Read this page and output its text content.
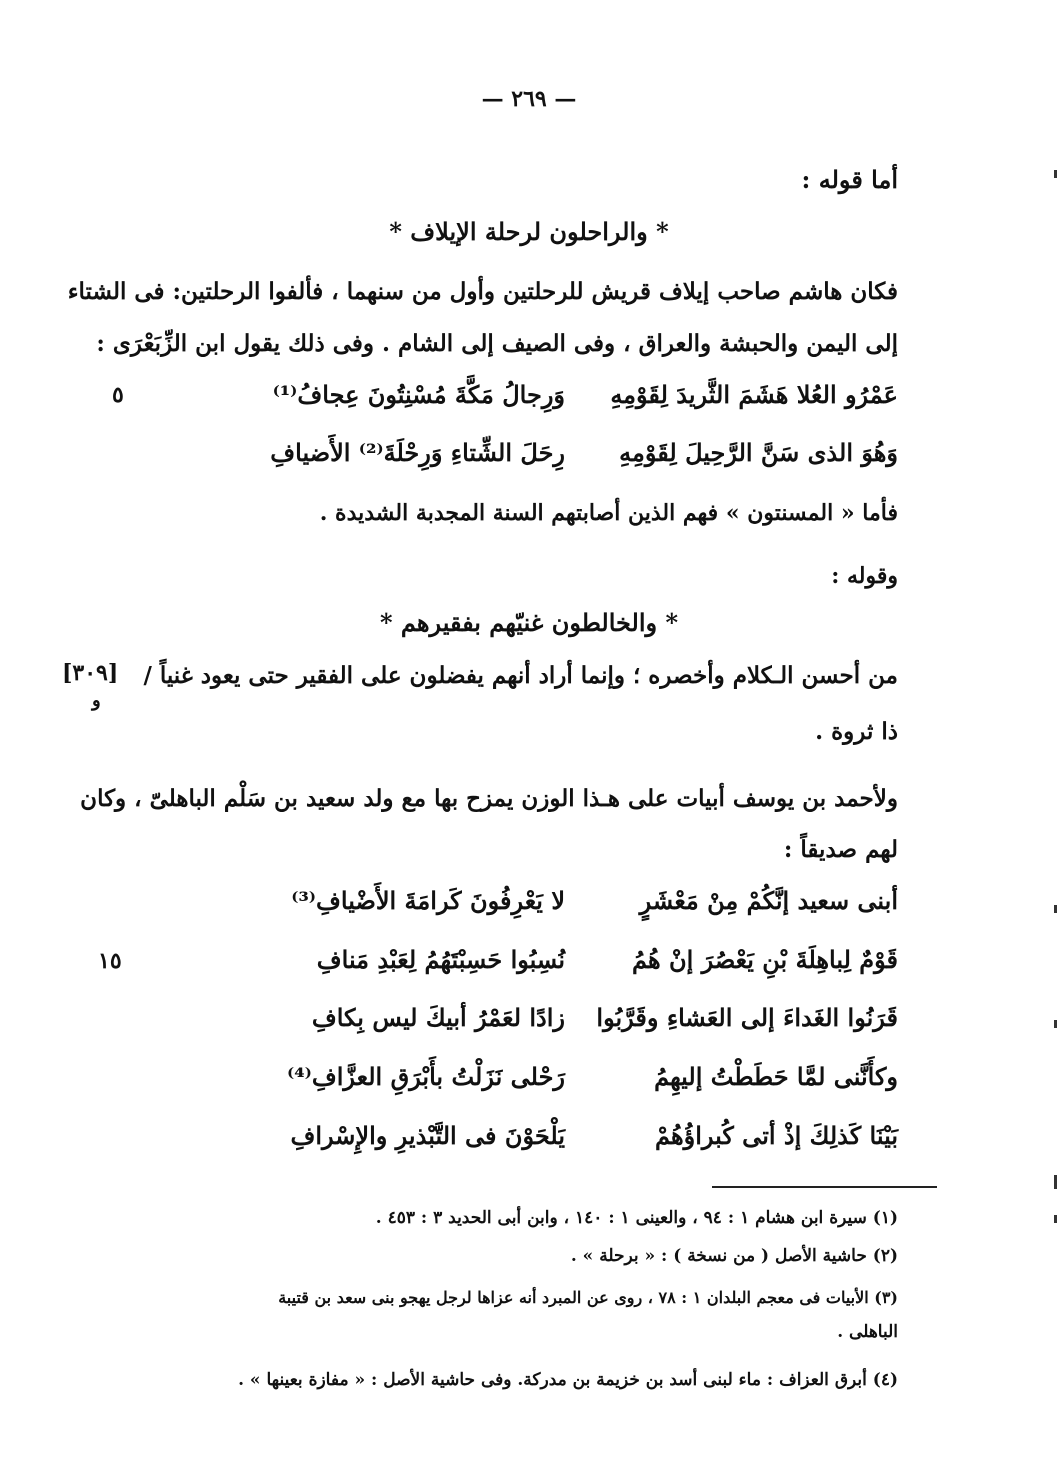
— ٢٦٩ —
أما قوله :
* والراحلون لرحلة الإيلاف *
فكان هاشم صاحب إيلاف قريش للرحلتين وأول من سنهما ، فألفوا الرحلتين: فى الشتاء
إلى اليمن والحبشة والعراق ، وفى الصيف إلى الشام . وفى ذلك يقول ابن الزِّبَعْرَى :
عَمْرُو العُلا هَشَمَ الثَّريدَ لِقَوْمِهِ
وَرِجالُ مَكَّةَ مُسْنِتُونَ عِجافُ⁽¹⁾
٥
وَهُوَ الذى سَنَّ الرَّحِيلَ لِقَوْمِهِ
رِحَلَ الشِّتاءِ وَرِحْلَةَ⁽²⁾ الأَضيافِ
فأما « المسنتون » فهم الذين أصابتهم السنة المجدبة الشديدة .
وقوله :
* والخالطون غنيّهم بفقيرهم *
من أحسن الـكلام وأخصره ؛ وإنما أراد أنهم يفضلون على الفقير حتى يعود غنياً /
[٣٠٩]
و
ذا ثروة .
ولأحمد بن يوسف أبيات على هـذا الوزن يمزح بها مع ولد سعيد بن سَلْم الباهلىّ ، وكان
لهم صديقاً :
أبنى سعيد إنَّكُمْ مِنْ مَعْشَرٍ
لا يَعْرِفُونَ كَرامَةَ الأَضْيافِ⁽³⁾
قَوْمٌ لِباهِلَةَ بْنِ يَعْصُرَ إنْ هُمُ
نُسِبُوا حَسِبْتَهُمُ لِعَبْدِ مَنافِ
١٥
قَرَنُوا الغَداءَ إلى العَشاءِ وقَرَّبُوا
زادًا لعَمْرُ أبيكَ ليس بِكافِ
وكأَنَّنى لمَّا حَطَطْتُ إليهِمُ
رَحْلى نَزَلْتُ بأَبْرَقِ العزَّافِ⁽⁴⁾
بَيْنَا كَذلِكَ إذْ أتى كُبراؤُهُمْ
يَلْحَوْنَ فى التَّبْذيرِ والإِسْرافِ
(١) سيرة ابن هشام ١ : ٩٤ ، والعينى ١ : ١٤٠ ، وابن أبى الحديد ٣ : ٤٥٣ .
(٢) حاشية الأصل ( من نسخة ) : « برحلة » .
(٣) الأبيات فى معجم البلدان ١ : ٧٨ ، روى عن المبرد أنه عزاها لرجل يهجو بنى سعد بن قتيبة
الباهلى .
(٤) أبرق العزاف : ماء لبنى أسد بن خزيمة بن مدركة. وفى حاشية الأصل : « مفازة بعينها » .
